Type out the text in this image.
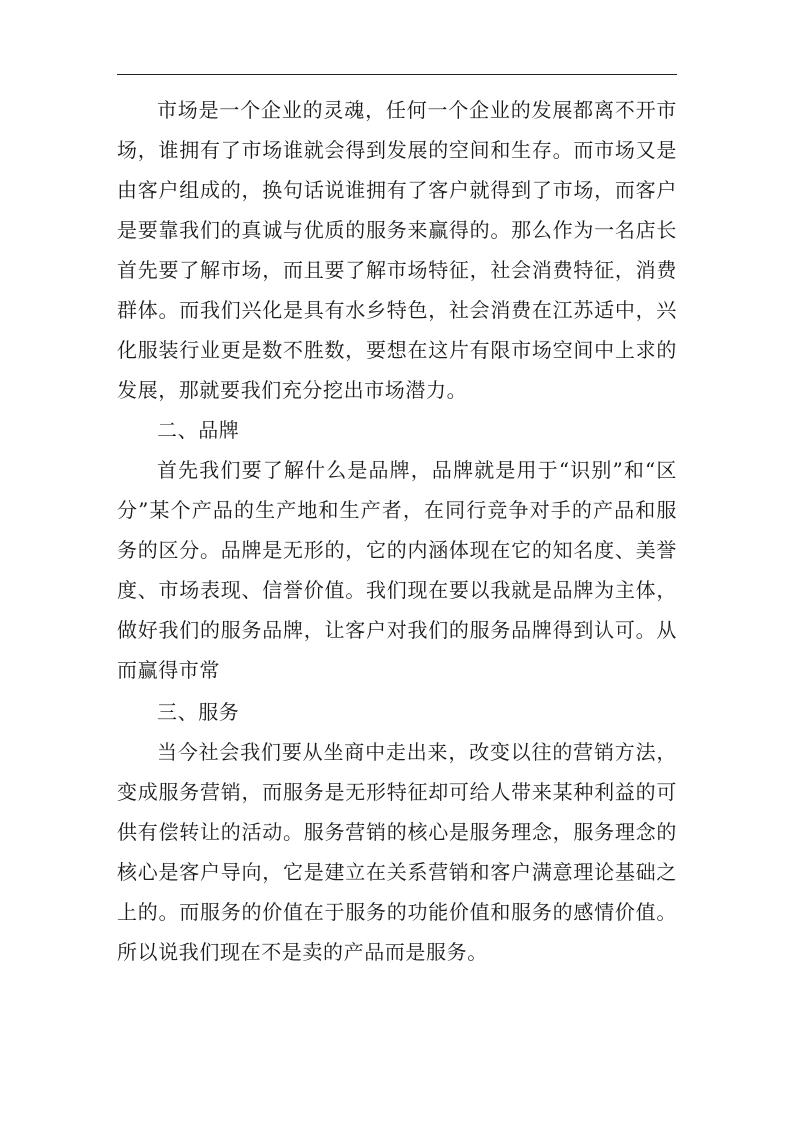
市场是一个企业的灵魂，任何一个企业的发展都离不开市场，谁拥有了市场谁就会得到发展的空间和生存。而市场又是由客户组成的，换句话说谁拥有了客户就得到了市场，而客户是要靠我们的真诚与优质的服务来赢得的。那么作为一名店长首先要了解市场，而且要了解市场特征，社会消费特征，消费群体。而我们兴化是具有水乡特色，社会消费在江苏适中，兴化服装行业更是数不胜数，要想在这片有限市场空间中上求的发展，那就要我们充分挖出市场潜力。

二、品牌

首先我们要了解什么是品牌，品牌就是用于“识别”和“区分”某个产品的生产地和生产者，在同行竞争对手的产品和服务的区分。品牌是无形的，它的内涵体现在它的知名度、美誉度、市场表现、信誉价值。我们现在要以我就是品牌为主体，做好我们的服务品牌，让客户对我们的服务品牌得到认可。从而赢得市常

三、服务

当今社会我们要从坐商中走出来，改变以往的营销方法，变成服务营销，而服务是无形特征却可给人带来某种利益的可供有偿转让的活动。服务营销的核心是服务理念，服务理念的核心是客户导向，它是建立在关系营销和客户满意理论基础之上的。而服务的价值在于服务的功能价值和服务的感情价值。所以说我们现在不是卖的产品而是服务。
